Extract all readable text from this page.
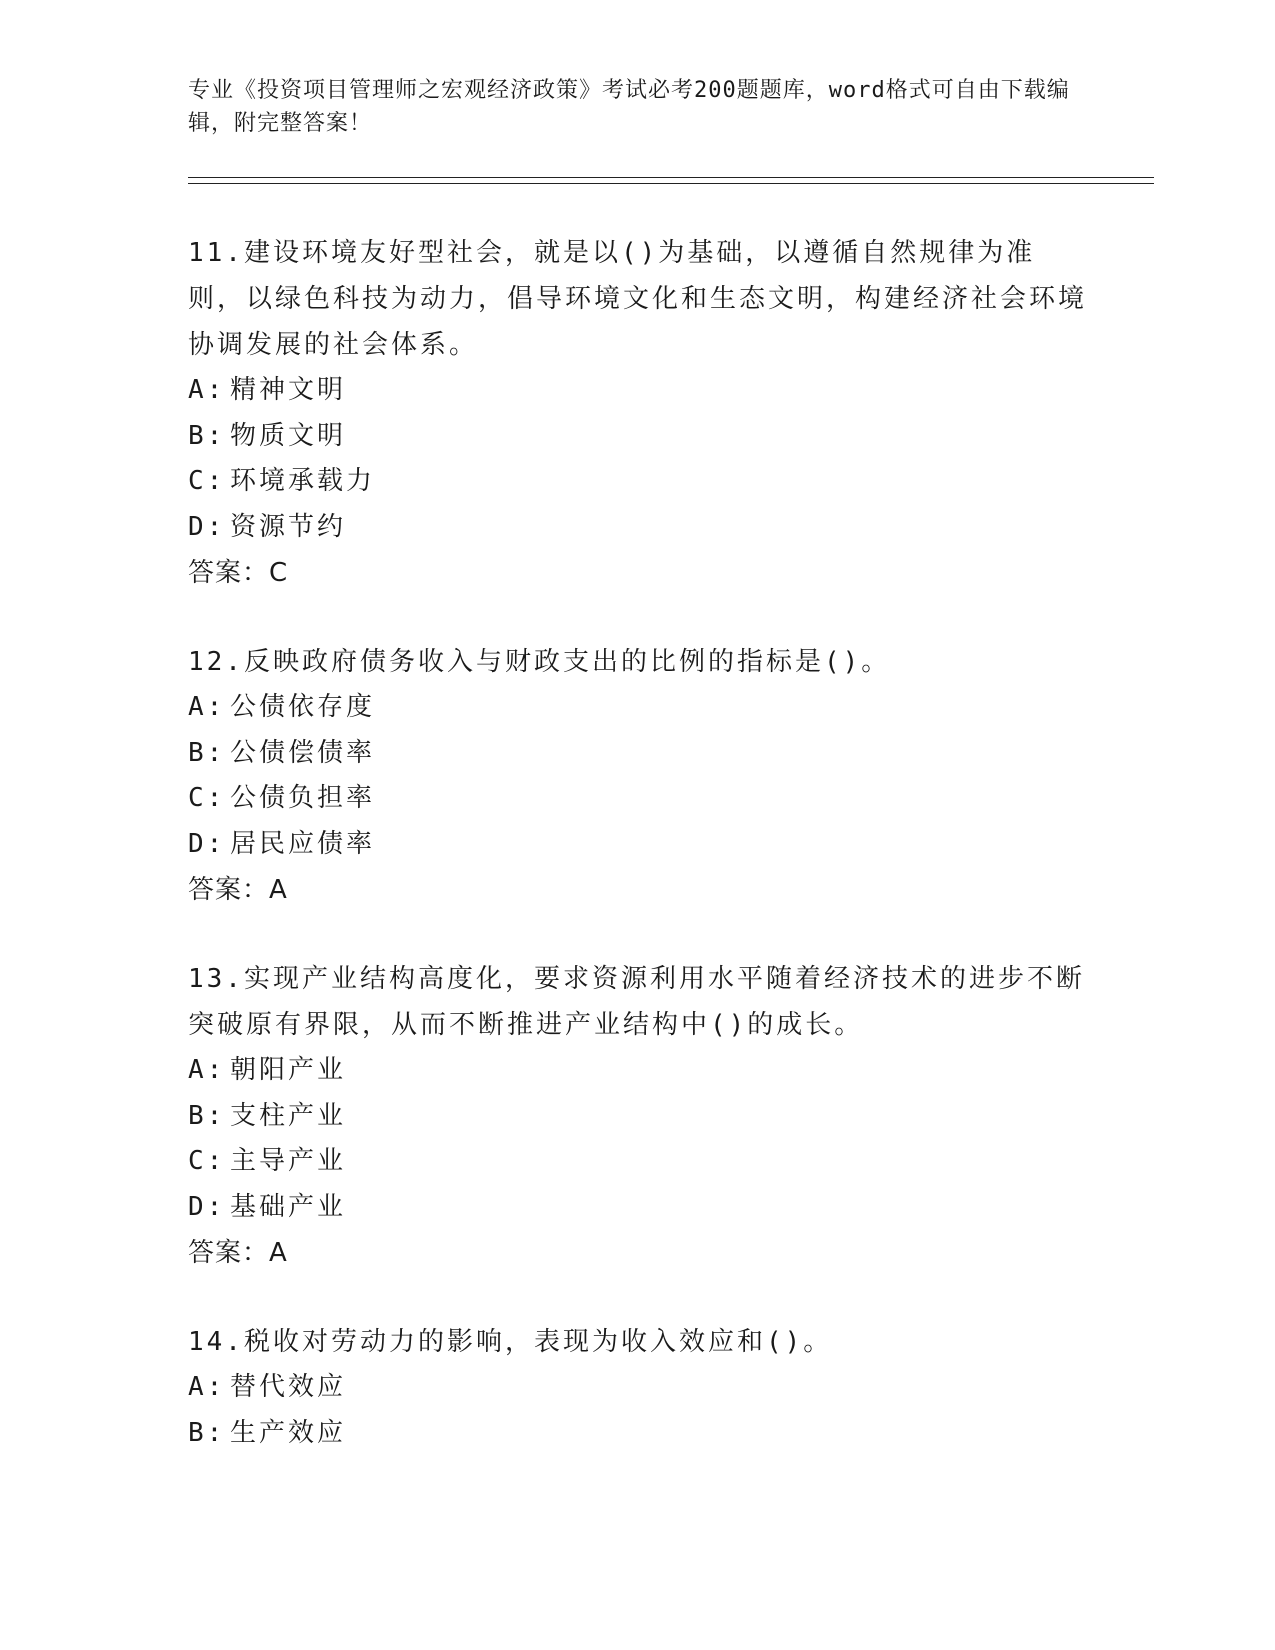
专业《投资项目管理师之宏观经济政策》考试必考200题题库，word格式可自由下载编辑，附完整答案！
11.建设环境友好型社会，就是以()为基础，以遵循自然规律为准则，以绿色科技为动力，倡导环境文化和生态文明，构建经济社会环境协调发展的社会体系。
A: 精神文明
B: 物质文明
C: 环境承载力
D: 资源节约
答案：C
12.反映政府债务收入与财政支出的比例的指标是()。
A: 公债依存度
B: 公债偿债率
C: 公债负担率
D: 居民应债率
答案：A
13.实现产业结构高度化，要求资源利用水平随着经济技术的进步不断突破原有界限，从而不断推进产业结构中()的成长。
A: 朝阳产业
B: 支柱产业
C: 主导产业
D: 基础产业
答案：A
14.税收对劳动力的影响，表现为收入效应和()。
A: 替代效应
B: 生产效应
